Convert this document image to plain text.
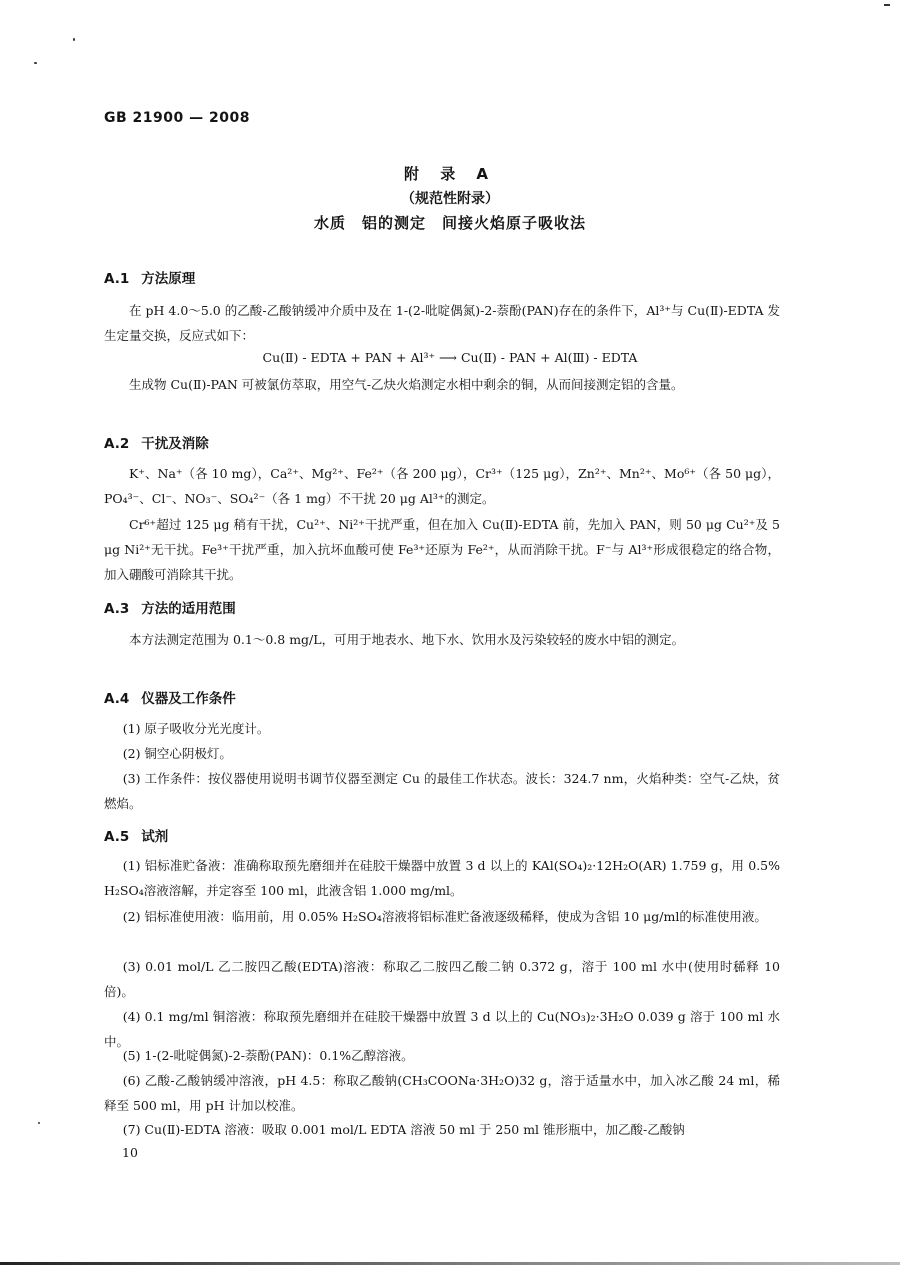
GB 21900 — 2008
附 录 A
（规范性附录）
水质　铝的测定　间接火焰原子吸收法
A.1 方法原理
在 pH 4.0～5.0 的乙酸-乙酸钠缓冲介质中及在 1-(2-吡啶偶氮)-2-萘酚(PAN)存在的条件下，Al³⁺与 Cu(Ⅱ)-EDTA 发生定量交换，反应式如下：
Cu(Ⅱ) - EDTA + PAN + Al³⁺ ⟶ Cu(Ⅱ) - PAN + Al(Ⅲ) - EDTA
生成物 Cu(Ⅱ)-PAN 可被氯仿萃取，用空气-乙炔火焰测定水相中剩余的铜，从而间接测定铝的含量。
A.2 干扰及消除
K⁺、Na⁺（各 10 mg），Ca²⁺、Mg²⁺、Fe²⁺（各 200 μg），Cr³⁺（125 μg），Zn²⁺、Mn²⁺、Mo⁶⁺（各 50 μg），PO₄³⁻、Cl⁻、NO₃⁻、SO₄²⁻（各 1 mg）不干扰 20 μg Al³⁺的测定。
Cr⁶⁺超过 125 μg 稍有干扰，Cu²⁺、Ni²⁺干扰严重，但在加入 Cu(Ⅱ)-EDTA 前，先加入 PAN，则 50 μg Cu²⁺及 5 μg Ni²⁺无干扰。Fe³⁺干扰严重，加入抗坏血酸可使 Fe³⁺还原为 Fe²⁺，从而消除干扰。F⁻与 Al³⁺形成很稳定的络合物，加入硼酸可消除其干扰。
A.3 方法的适用范围
本方法测定范围为 0.1～0.8 mg/L，可用于地表水、地下水、饮用水及污染较轻的废水中铝的测定。
A.4 仪器及工作条件
(1) 原子吸收分光光度计。
(2) 铜空心阴极灯。
(3) 工作条件：按仪器使用说明书调节仪器至测定 Cu 的最佳工作状态。波长：324.7 nm，火焰种类：空气-乙炔，贫燃焰。
A.5 试剂
(1) 铝标准贮备液：准确称取预先磨细并在硅胶干燥器中放置 3 d 以上的 KAl(SO₄)₂·12H₂O(AR) 1.759 g，用 0.5% H₂SO₄溶液溶解，并定容至 100 ml，此液含铝 1.000 mg/ml。
(2) 铝标准使用液：临用前，用 0.05% H₂SO₄溶液将铝标准贮备液逐级稀释，使成为含铝 10 μg/ml的标准使用液。
(3) 0.01 mol/L 乙二胺四乙酸(EDTA)溶液：称取乙二胺四乙酸二钠 0.372 g，溶于 100 ml 水中(使用时稀释 10 倍)。
(4) 0.1 mg/ml 铜溶液：称取预先磨细并在硅胶干燥器中放置 3 d 以上的 Cu(NO₃)₂·3H₂O 0.039 g 溶于 100 ml 水中。
(5) 1-(2-吡啶偶氮)-2-萘酚(PAN)：0.1%乙醇溶液。
(6) 乙酸-乙酸钠缓冲溶液，pH 4.5：称取乙酸钠(CH₃COONa·3H₂O)32 g，溶于适量水中，加入冰乙酸 24 ml，稀释至 500 ml，用 pH 计加以校准。
(7) Cu(Ⅱ)-EDTA 溶液：吸取 0.001 mol/L EDTA 溶液 50 ml 于 250 ml 锥形瓶中，加乙酸-乙酸钠
10
